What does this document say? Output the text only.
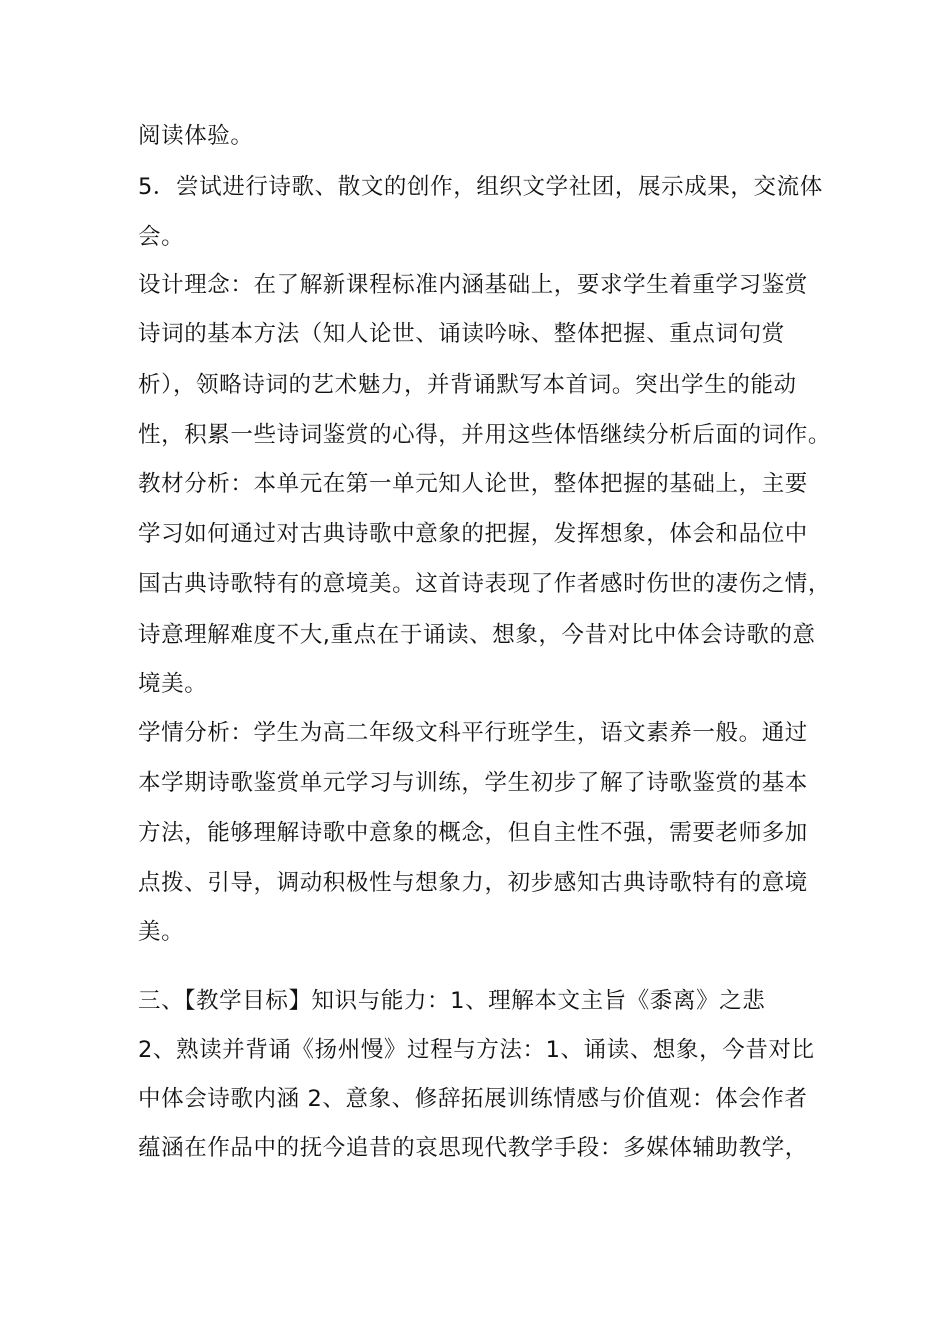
阅读体验。
5．尝试进行诗歌、散文的创作，组织文学社团，展示成果，交流体
会。
设计理念：在了解新课程标准内涵基础上，要求学生着重学习鉴赏
诗词的基本方法（知人论世、诵读吟咏、整体把握、重点词句赏
析），领略诗词的艺术魅力，并背诵默写本首词。突出学生的能动
性，积累一些诗词鉴赏的心得，并用这些体悟继续分析后面的词作。
教材分析：本单元在第一单元知人论世，整体把握的基础上，主要
学习如何通过对古典诗歌中意象的把握，发挥想象，体会和品位中
国古典诗歌特有的意境美。这首诗表现了作者感时伤世的凄伤之情，
诗意理解难度不大,重点在于诵读、想象，今昔对比中体会诗歌的意
境美。
学情分析：学生为高二年级文科平行班学生，语文素养一般。通过
本学期诗歌鉴赏单元学习与训练，学生初步了解了诗歌鉴赏的基本
方法，能够理解诗歌中意象的概念，但自主性不强，需要老师多加
点拨、引导，调动积极性与想象力，初步感知古典诗歌特有的意境
美。
三、【教学目标】知识与能力：1、理解本文主旨《黍离》之悲
2、熟读并背诵《扬州慢》过程与方法：1、诵读、想象，今昔对比
中体会诗歌内涵 2、意象、修辞拓展训练情感与价值观：体会作者
蕴涵在作品中的抚今追昔的哀思现代教学手段：多媒体辅助教学，
